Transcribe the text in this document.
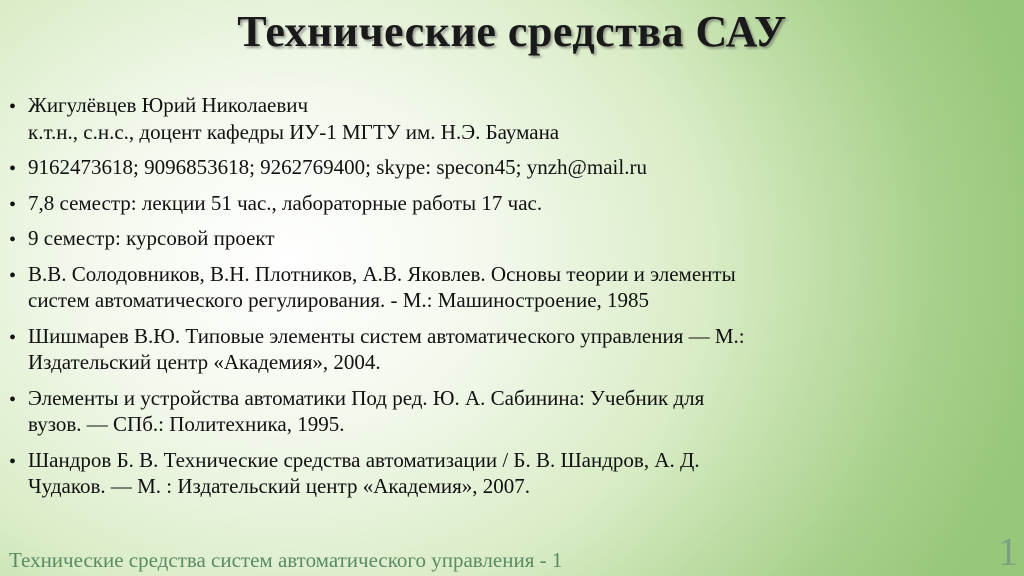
Технические средства САУ
• Жигулёвцев Юрий Николаевич
к.т.н., с.н.с., доцент кафедры ИУ-1 МГТУ им. Н.Э. Баумана
• 9162473618; 9096853618; 9262769400; skype: specon45; ynzh@mail.ru
• 7,8 семестр: лекции 51 час., лабораторные работы 17 час.
• 9 семестр: курсовой проект
• В.В. Солодовников, В.Н. Плотников, А.В. Яковлев. Основы теории и элементы
систем автоматического регулирования. - М.: Машиностроение, 1985
• Шишмарев В.Ю. Типовые элементы систем автоматического управления — М.:
Издательский центр «Академия», 2004.
• Элементы и устройства автоматики Под ред. Ю. А. Сабинина: Учебник для
вузов. — СПб.: Политехника, 1995.
• Шандров Б. В. Технические средства автоматизации / Б. В. Шандров, А. Д.
Чудаков. — М. : Издательский центр «Академия», 2007.
Технические средства систем автоматического управления - 1	1
